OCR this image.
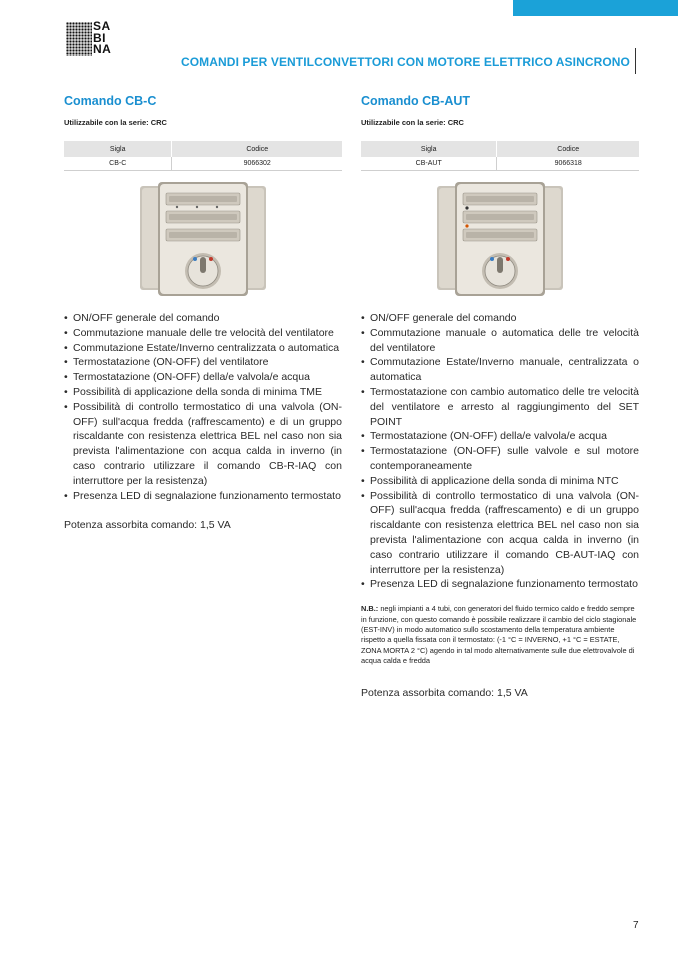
SA
BI
NA
COMANDI PER VENTILCONVETTORI CON MOTORE ELETTRICO ASINCRONO
Comando CB-C
Utilizzabile con la serie: CRC
Sigla	Codice
CB-C	9066302
• ON/OFF generale del comando
• Commutazione manuale delle tre velocità del ventilatore
• Commutazione Estate/Inverno centralizzata o automatica
• Termostatazione (ON-OFF) del ventilatore
• Termostatazione (ON-OFF) della/e valvola/e acqua
• Possibilità di applicazione della sonda di minima TME
• Possibilità di controllo termostatico di una valvola (ON-OFF) sull'acqua fredda (raffrescamento) e di un gruppo riscaldante con resistenza elettrica BEL nel caso non sia prevista l'alimentazione con acqua calda in inverno (in caso contrario utilizzare il comando CB-R-IAQ con interruttore per la resistenza)
• Presenza LED di segnalazione funzionamento termostato
Potenza assorbita comando: 1,5 VA
Comando CB-AUT
Utilizzabile con la serie: CRC
Sigla	Codice
CB-AUT	9066318
• ON/OFF generale del comando
• Commutazione manuale o automatica delle tre velocità del ventilatore
• Commutazione Estate/Inverno manuale, centralizzata o automatica
• Termostatazione con cambio automatico delle tre velocità del ventilatore e arresto al raggiungimento del SET POINT
• Termostatazione (ON-OFF) della/e valvola/e acqua
• Termostatazione (ON-OFF) sulle valvole e sul motore contemporaneamente
• Possibilità di applicazione della sonda di minima NTC
• Possibilità di controllo termostatico di una valvola (ON-OFF) sull'acqua fredda (raffrescamento) e di un gruppo riscaldante con resistenza elettrica BEL nel caso non sia prevista l'alimentazione con acqua calda in inverno (in caso contrario utilizzare il comando CB-AUT-IAQ con interruttore per la resistenza)
• Presenza LED di segnalazione funzionamento termostato
N.B.: negli impianti a 4 tubi, con generatori del fluido termico caldo e freddo sempre in funzione, con questo comando è possibile realizzare il cambio del ciclo stagionale (EST-INV) in modo automatico sullo scostamento della temperatura ambiente rispetto a quella fissata con il termostato: (-1 °C = INVERNO, +1 °C = ESTATE, ZONA MORTA 2 °C) agendo in tal modo alternativamente sulle due elettrovalvole di acqua calda e fredda
Potenza assorbita comando: 1,5 VA
7
